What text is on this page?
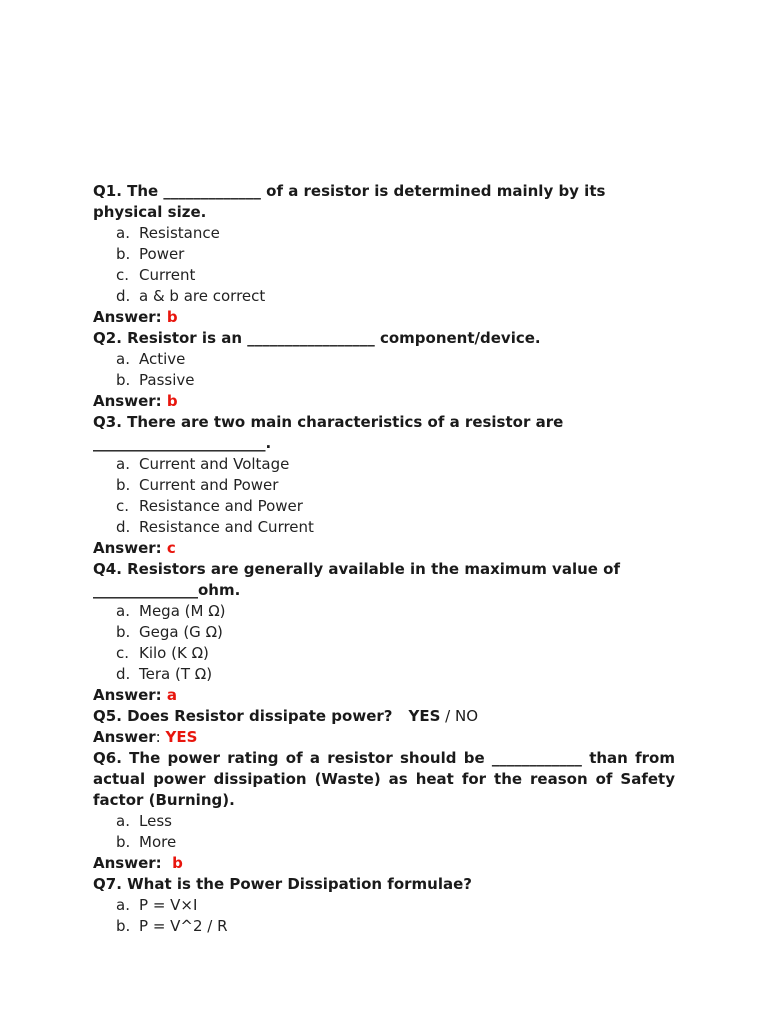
Q1. The _____________ of a resistor is determined mainly by its physical size.
a. Resistance
b. Power
c. Current
d. a & b are correct
Answer: b
Q2. Resistor is an _________________ component/device.
a. Active
b. Passive
Answer: b
Q3. There are two main characteristics of a resistor are
_______________________.
a. Current and Voltage
b. Current and Power
c. Resistance and Power
d. Resistance and Current
Answer: c
Q4. Resistors are generally available in the maximum value of
______________ohm.
a. Mega (M Ω)
b. Gega (G Ω)
c. Kilo (K Ω)
d. Tera (T Ω)
Answer: a
Q5. Does Resistor dissipate power? YES / NO
Answer: YES
Q6. The power rating of a resistor should be ____________ than from actual power dissipation (Waste) as heat for the reason of Safety factor (Burning).
a. Less
b. More
Answer:  b
Q7. What is the Power Dissipation formulae?
a. P = V×I
b. P = V^2 / R
